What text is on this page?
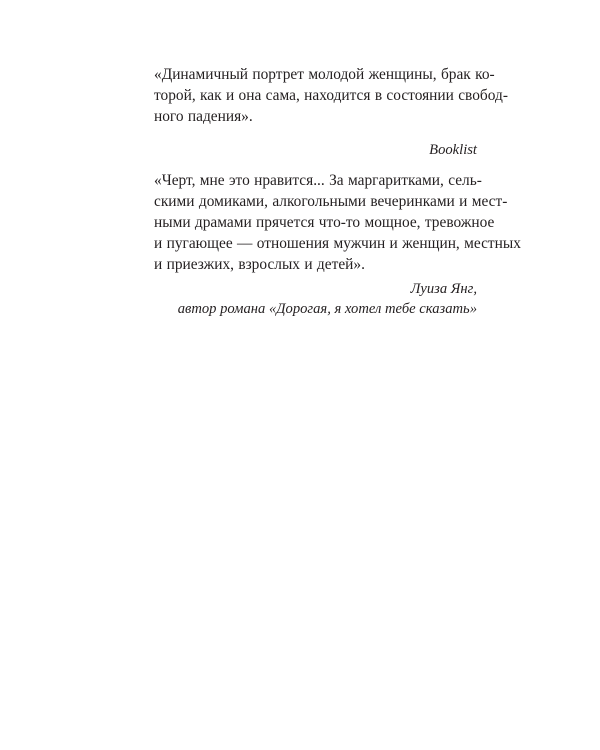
«Динамичный портрет молодой женщины, брак ко-
торой, как и она сама, находится в состоянии свобод-
ного падения».

Booklist

«Черт, мне это нравится... За маргаритками, сель-
скими домиками, алкогольными вечеринками и мест-
ными драмами прячется что-то мощное, тревожное
и пугающее — отношения мужчин и женщин, местных
и приезжих, взрослых и детей».

Луиза Янг,
автор романа «Дорогая, я хотел тебе сказать»
